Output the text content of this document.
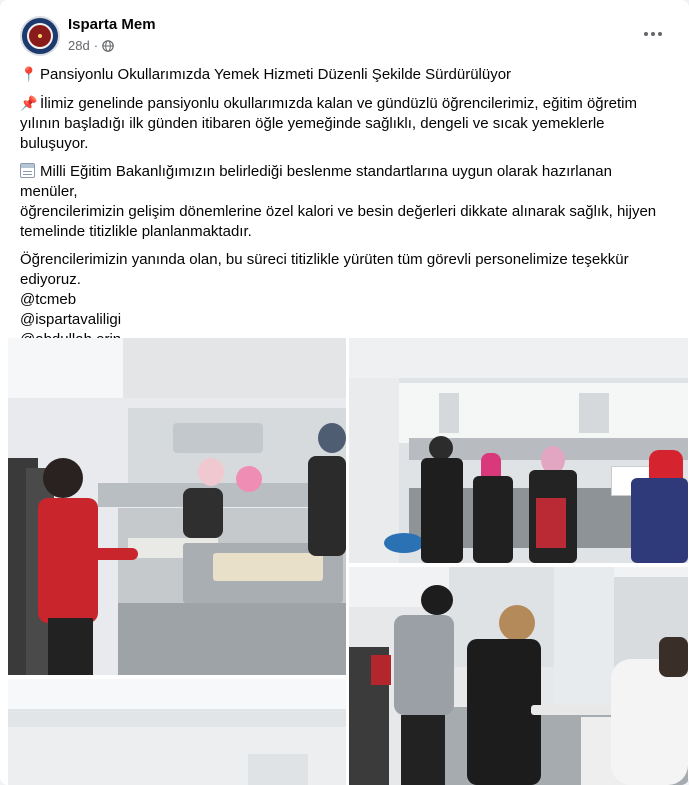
Isparta Mem
28d ·
📍 Pansiyonlu Okullarımızda Yemek Hizmeti Düzenli Şekilde Sürdürülüyor
📌 İlimiz genelinde pansiyonlu okullarımızda kalan ve gündüzlü öğrencilerimiz, eğitim öğretim
yılının başladığı ilk günden itibaren öğle yemeğinde sağlıklı, dengeli ve sıcak yemeklerle buluşuyor.
Milli Eğitim Bakanlığımızın belirlediği beslenme standartlarına uygun olarak hazırlanan menüler,
öğrencilerimizin gelişim dönemlerine özel kalori ve besin değerleri dikkate alınarak sağlık, hijyen
temelinde titizlikle planlanmaktadır.
Öğrencilerimizin yanında olan, bu süreci titizlikle yürüten tüm görevli personelimize teşekkür
ediyoruz.
@tcmeb
@ispartavaliligi
